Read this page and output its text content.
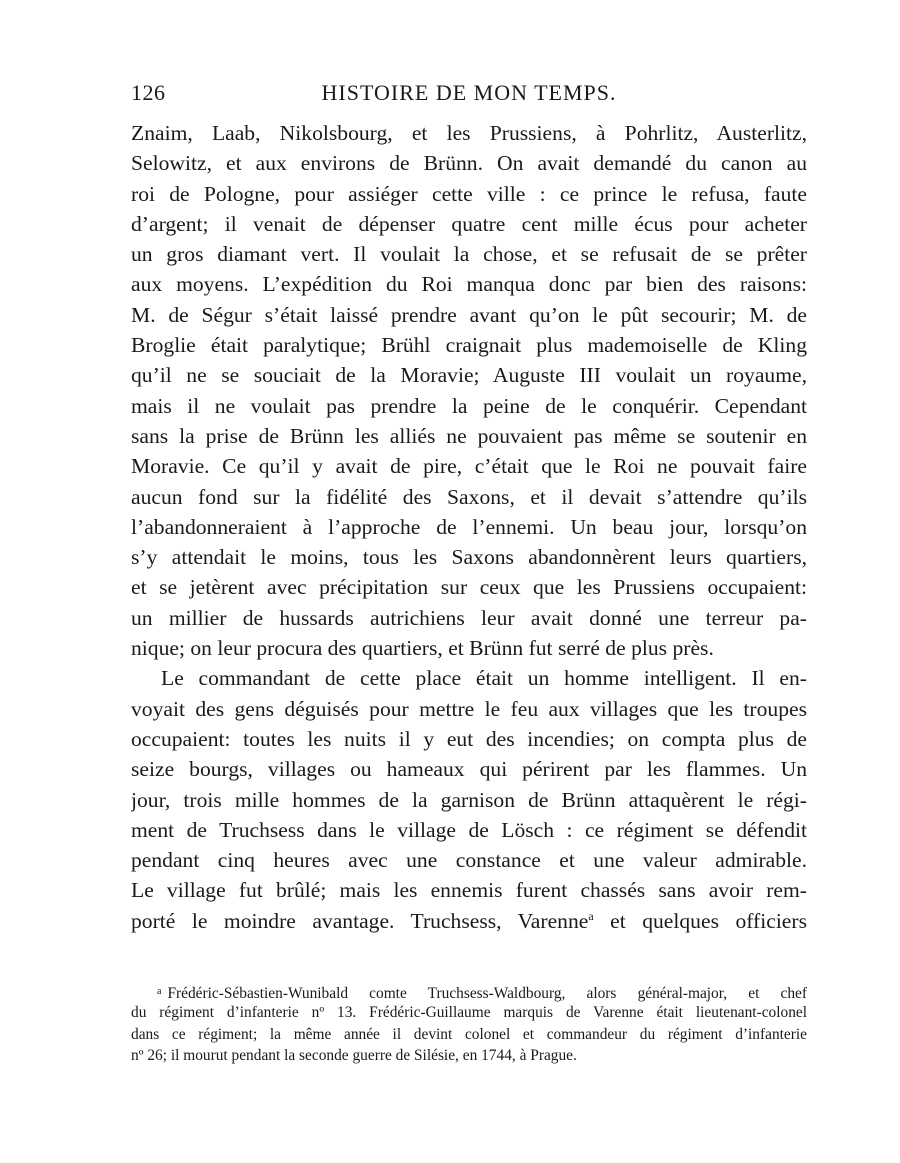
126	HISTOIRE DE MON TEMPS.
Znaim, Laab, Nikolsbourg, et les Prussiens, à Pohrlitz, Austerlitz,
Selowitz, et aux environs de Brünn. On avait demandé du canon au
roi de Pologne, pour assiéger cette ville : ce prince le refusa, faute
d’argent; il venait de dépenser quatre cent mille écus pour acheter
un gros diamant vert. Il voulait la chose, et se refusait de se prêter
aux moyens. L’expédition du Roi manqua donc par bien des raisons:
M. de Ségur s’était laissé prendre avant qu’on le pût secourir; M. de
Broglie était paralytique; Brühl craignait plus mademoiselle de Kling
qu’il ne se souciait de la Moravie; Auguste III voulait un royaume,
mais il ne voulait pas prendre la peine de le conquérir. Cependant
sans la prise de Brünn les alliés ne pouvaient pas même se soutenir en
Moravie. Ce qu’il y avait de pire, c’était que le Roi ne pouvait faire
aucun fond sur la fidélité des Saxons, et il devait s’attendre qu’ils
l’abandonneraient à l’approche de l’ennemi. Un beau jour, lorsqu’on
s’y attendait le moins, tous les Saxons abandonnèrent leurs quartiers,
et se jetèrent avec précipitation sur ceux que les Prussiens occupaient:
un millier de hussards autrichiens leur avait donné une terreur pa-
nique; on leur procura des quartiers, et Brünn fut serré de plus près.
Le commandant de cette place était un homme intelligent. Il en-
voyait des gens déguisés pour mettre le feu aux villages que les troupes
occupaient: toutes les nuits il y eut des incendies; on compta plus de
seize bourgs, villages ou hameaux qui périrent par les flammes. Un
jour, trois mille hommes de la garnison de Brünn attaquèrent le régi-
ment de Truchsess dans le village de Lösch : ce régiment se défendit
pendant cinq heures avec une constance et une valeur admirable.
Le village fut brûlé; mais les ennemis furent chassés sans avoir rem-
porté le moindre avantage. Truchsess, Varenne$^a$ et quelques officiers
$^a$ Frédéric-Sébastien-Wunibald comte Truchsess-Waldbourg, alors général-major, et chef
du régiment d’infanterie nº 13. Frédéric-Guillaume marquis de Varenne était lieutenant-colonel
dans ce régiment; la même année il devint colonel et commandeur du régiment d’infanterie
nº 26; il mourut pendant la seconde guerre de Silésie, en 1744, à Prague.
